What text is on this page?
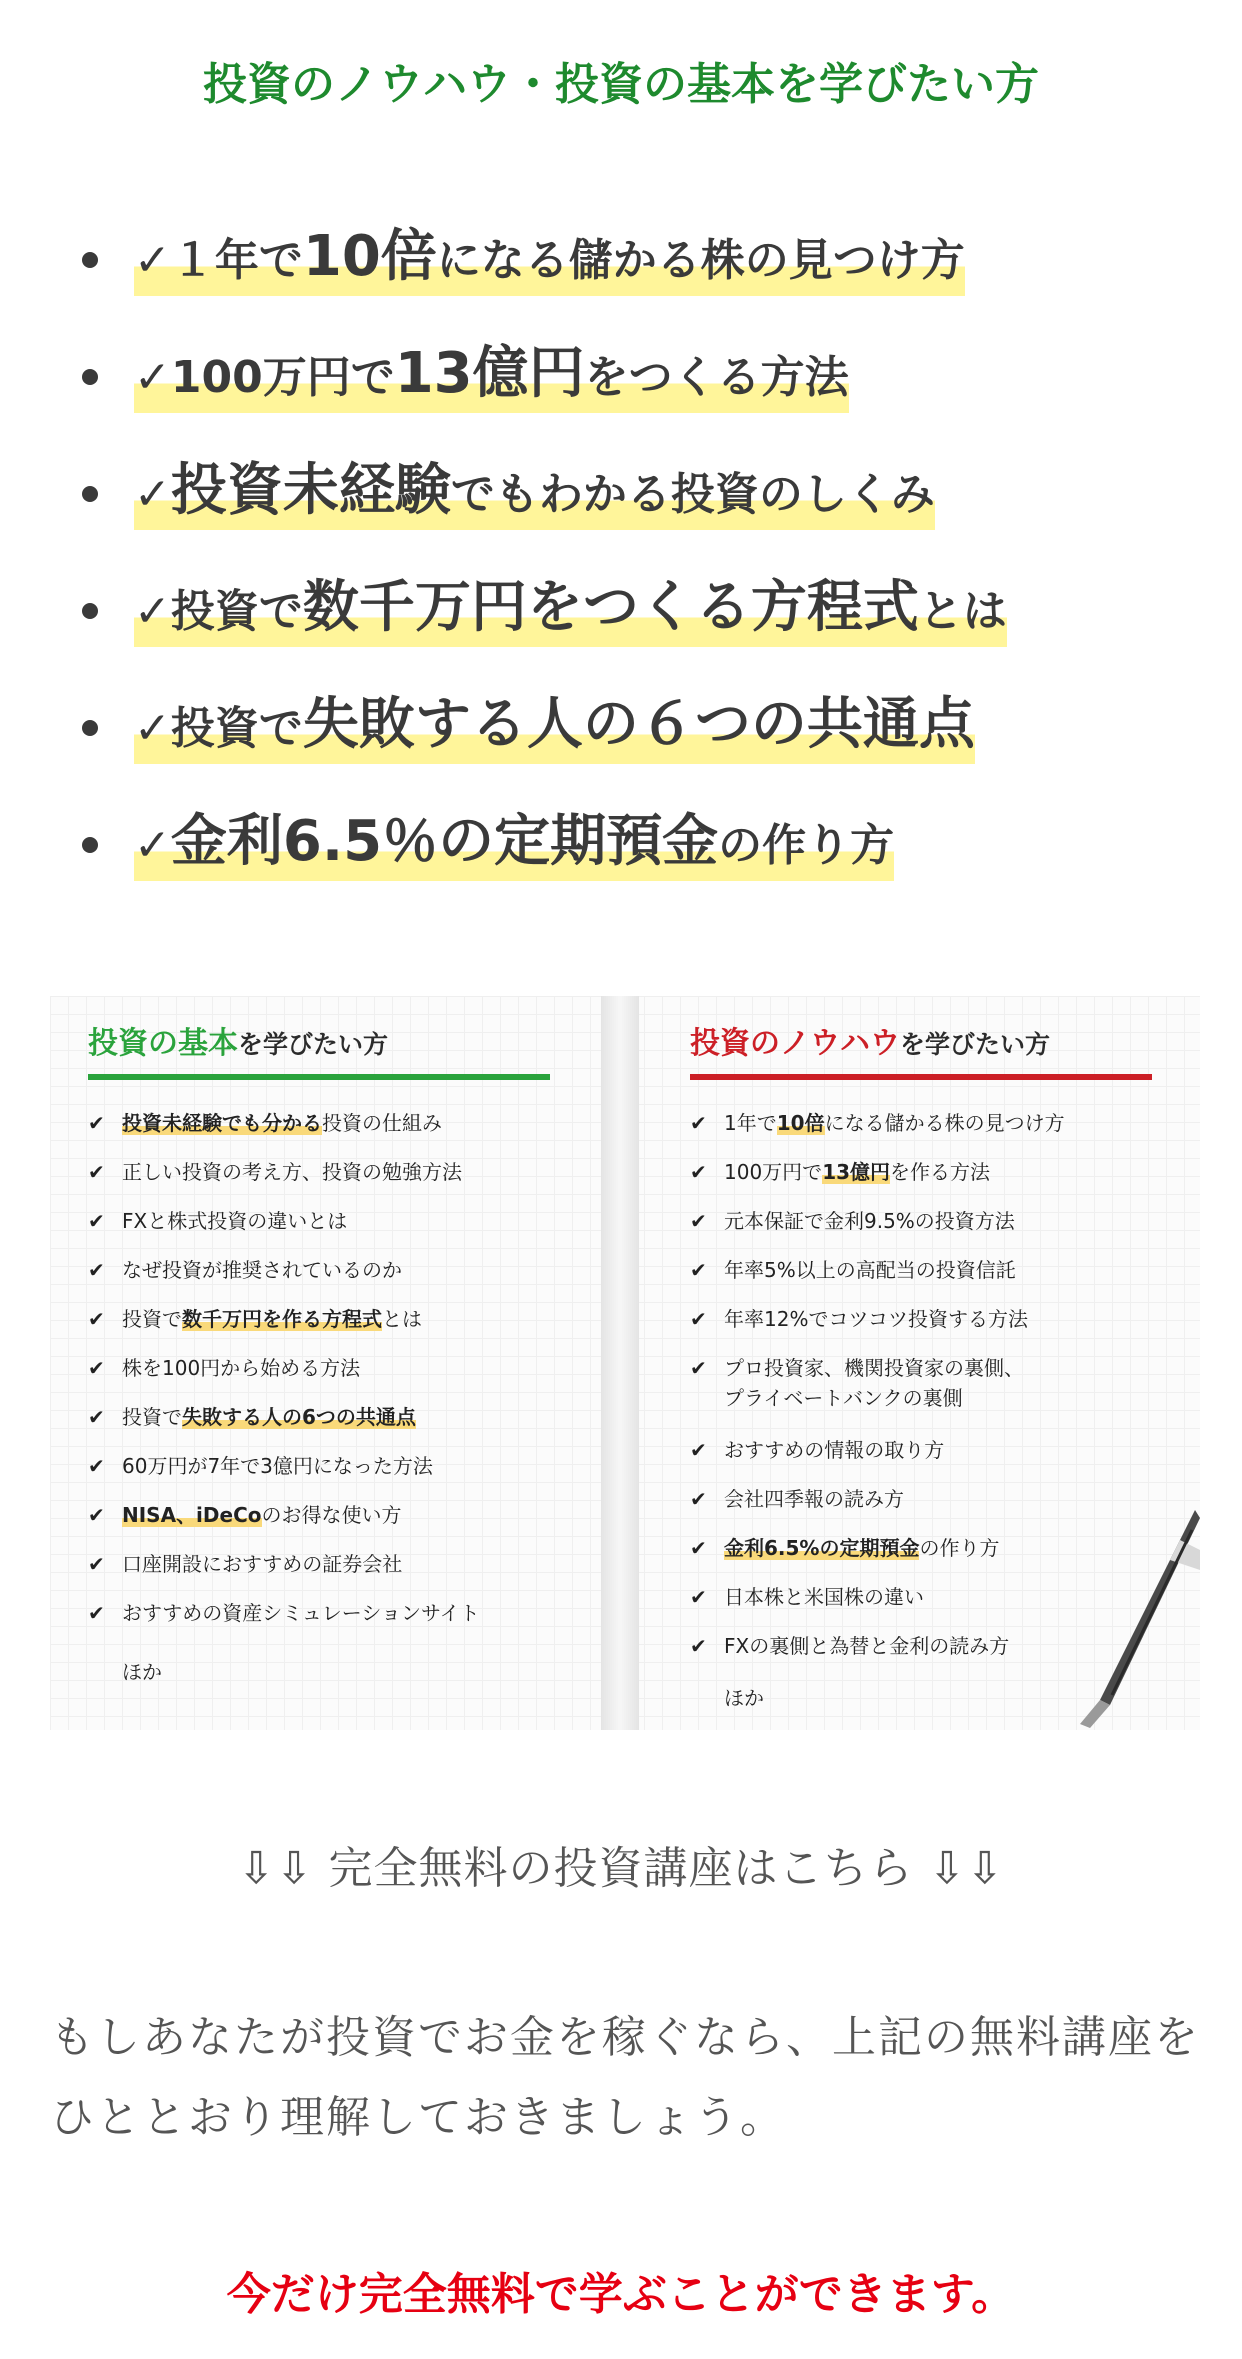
投資のノウハウ・投資の基本を学びたい方
✓１年で10倍になる儲かる株の見つけ方
✓100万円で13億円をつくる方法
✓投資未経験でもわかる投資のしくみ
✓投資で数千万円をつくる方程式とは
✓投資で失敗する人の６つの共通点
✓金利6.5％の定期預金の作り方
投資の基本を学びたい方
✔ 投資未経験でも分かる投資の仕組み
✔ 正しい投資の考え方、投資の勉強方法
✔ FXと株式投資の違いとは
✔ なぜ投資が推奨されているのか
✔ 投資で数千万円を作る方程式とは
✔ 株を100円から始める方法
✔ 投資で失敗する人の6つの共通点
✔ 60万円が7年で3億円になった方法
✔ NISA、iDeCoのお得な使い方
✔ 口座開設におすすめの証券会社
✔ おすすめの資産シミュレーションサイト
ほか
投資のノウハウを学びたい方
✔ 1年で10倍になる儲かる株の見つけ方
✔ 100万円で13億円を作る方法
✔ 元本保証で金利9.5%の投資方法
✔ 年率5%以上の高配当の投資信託
✔ 年率12%でコツコツ投資する方法
✔ プロ投資家、機関投資家の裏側、
プライベートバンクの裏側
✔ おすすめの情報の取り方
✔ 会社四季報の読み方
✔ 金利6.5%の定期預金の作り方
✔ 日本株と米国株の違い
✔ FXの裏側と為替と金利の読み方
ほか
⇩⇩ 完全無料の投資講座はこちら ⇩⇩
もしあなたが投資でお金を稼ぐなら、上記の無料講座をひととおり理解しておきましょう。
今だけ完全無料で学ぶことができます。
